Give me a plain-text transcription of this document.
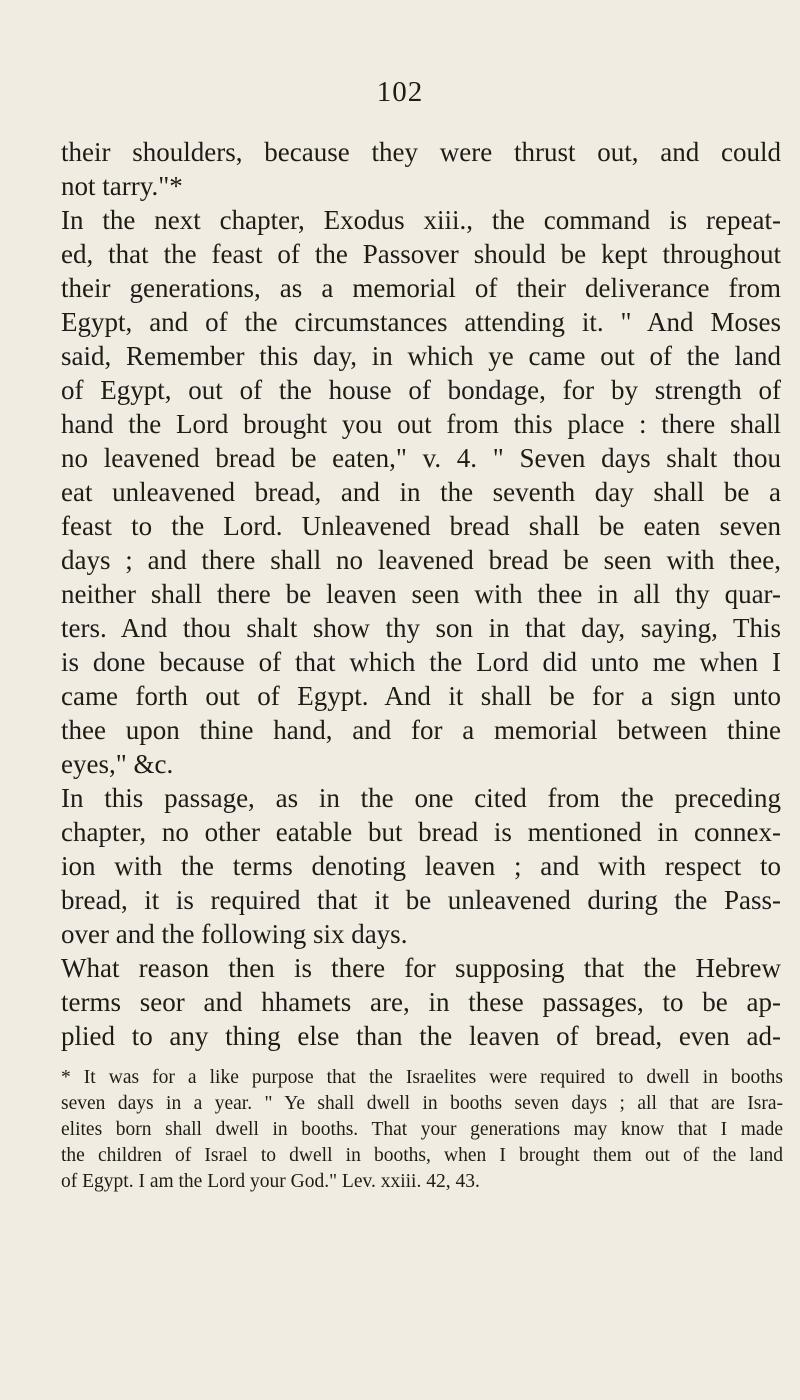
102
their shoulders, because they were thrust out, and could
not tarry."*
In the next chapter, Exodus xiii., the command is repeat-
ed, that the feast of the Passover should be kept throughout
their generations, as a memorial of their deliverance from
Egypt, and of the circumstances attending it. " And Moses
said, Remember this day, in which ye came out of the land
of Egypt, out of the house of bondage, for by strength of
hand the Lord brought you out from this place : there shall
no leavened bread be eaten," v. 4. " Seven days shalt thou
eat unleavened bread, and in the seventh day shall be a
feast to the Lord. Unleavened bread shall be eaten seven
days ; and there shall no leavened bread be seen with thee,
neither shall there be leaven seen with thee in all thy quar-
ters. And thou shalt show thy son in that day, saying, This
is done because of that which the Lord did unto me when I
came forth out of Egypt. And it shall be for a sign unto
thee upon thine hand, and for a memorial between thine
eyes," &c.
In this passage, as in the one cited from the preceding
chapter, no other eatable but bread is mentioned in connex-
ion with the terms denoting leaven ; and with respect to
bread, it is required that it be unleavened during the Pass-
over and the following six days.
What reason then is there for supposing that the Hebrew
terms seor and hhamets are, in these passages, to be ap-
plied to any thing else than the leaven of bread, even ad-
* It was for a like purpose that the Israelites were required to dwell in booths
seven days in a year. " Ye shall dwell in booths seven days ; all that are Isra-
elites born shall dwell in booths. That your generations may know that I made
the children of Israel to dwell in booths, when I brought them out of the land
of Egypt. I am the Lord your God." Lev. xxiii. 42, 43.
